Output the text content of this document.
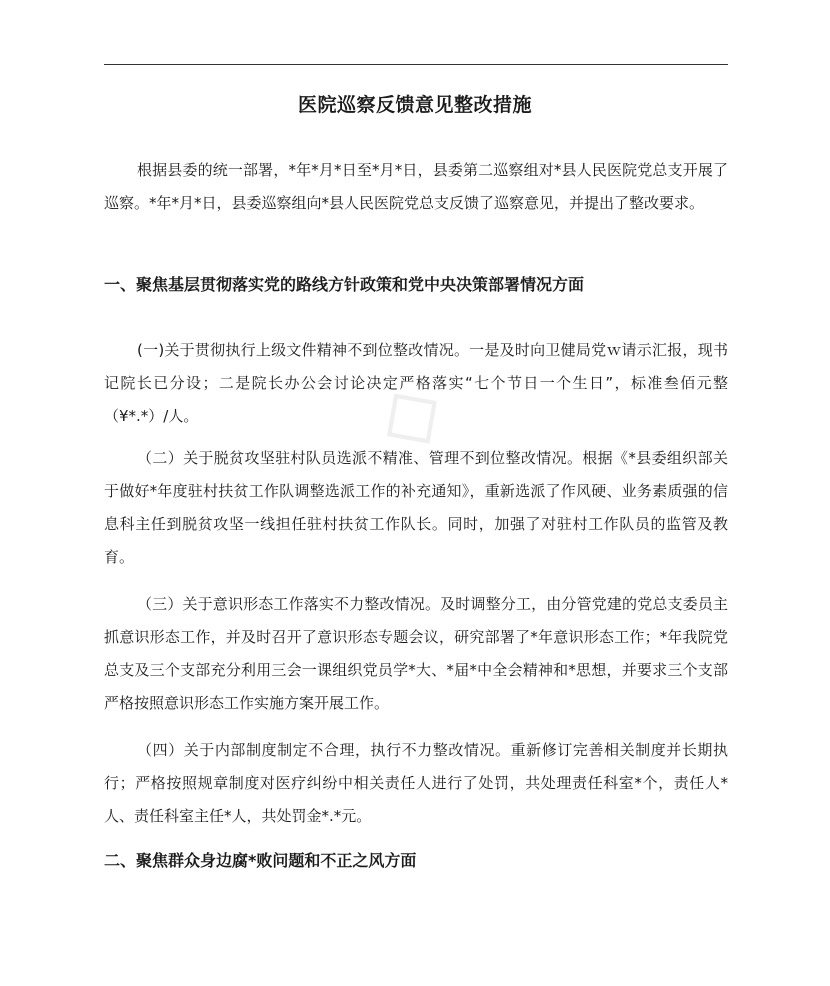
◇
医院巡察反馈意见整改措施

根据县委的统一部署，*年*月*日至*月*日，县委第二巡察组对*县人民医院党总支开展了巡察。*年*月*日，县委巡察组向*县人民医院党总支反馈了巡察意见，并提出了整改要求。

一、聚焦基层贯彻落实党的路线方针政策和党中央决策部署情况方面

(一)关于贯彻执行上级文件精神不到位整改情况。一是及时向卫健局党ｗ请示汇报，现书记院长已分设；二是院长办公会讨论决定严格落实“七个节日一个生日”，标准叁佰元整（¥*.*）/人。

（二）关于脱贫攻坚驻村队员选派不精准、管理不到位整改情况。根据《*县委组织部关于做好*年度驻村扶贫工作队调整选派工作的补充通知》，重新选派了作风硬、业务素质强的信息科主任到脱贫攻坚一线担任驻村扶贫工作队长。同时，加强了对驻村工作队员的监管及教育。

（三）关于意识形态工作落实不力整改情况。及时调整分工，由分管党建的党总支委员主抓意识形态工作，并及时召开了意识形态专题会议，研究部署了*年意识形态工作；*年我院党总支及三个支部充分利用三会一课组织党员学*大、*届*中全会精神和*思想，并要求三个支部严格按照意识形态工作实施方案开展工作。

（四）关于内部制度制定不合理，执行不力整改情况。重新修订完善相关制度并长期执行；严格按照规章制度对医疗纠纷中相关责任人进行了处罚，共处理责任科室*个，责任人*人、责任科室主任*人，共处罚金*.*元。

二、聚焦群众身边腐*败问题和不正之风方面
